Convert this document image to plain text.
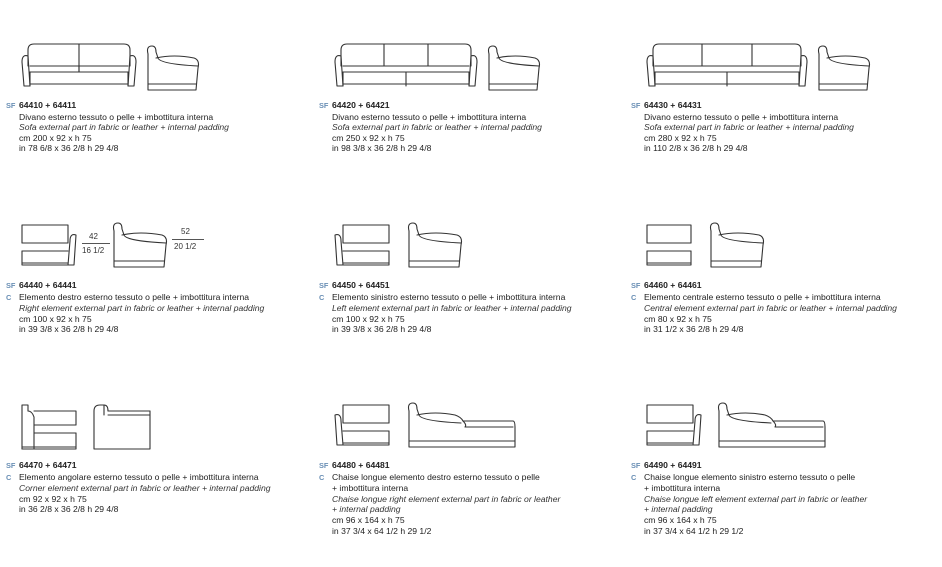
SF 64410 + 64411
Divano esterno tessuto o pelle + imbottitura interna
Sofa external part in fabric or leather + internal padding
cm 200 x 92 x h 75
in 78 6/8 x 36 2/8 h 29 4/8
SF 64420 + 64421
Divano esterno tessuto o pelle + imbottitura interna
Sofa external part in fabric or leather + internal padding
cm 250 x 92 x h 75
in 98 3/8 x 36 2/8 h 29 4/8
SF 64430 + 64431
Divano esterno tessuto o pelle + imbottitura interna
Sofa external part in fabric or leather + internal padding
cm 280 x 92 x h 75
in 110 2/8 x 36 2/8 h 29 4/8
42
16 1/2
52
20 1/2
SF 64440 + 64441
C Elemento destro esterno tessuto o pelle + imbottitura interna
Right element external part in fabric or leather + internal padding
cm 100 x 92 x h 75
in 39 3/8 x 36 2/8 h 29 4/8
SF 64450 + 64451
C Elemento sinistro esterno tessuto o pelle + imbottitura interna
Left element external part in fabric or leather + internal padding
cm 100 x 92 x h 75
in 39 3/8 x 36 2/8 h 29 4/8
SF 64460 + 64461
C Elemento centrale esterno tessuto o pelle + imbottitura interna
Central element external part in fabric or leather + internal padding
cm 80 x 92 x h 75
in 31 1/2 x 36 2/8 h 29 4/8
SF 64470 + 64471
C Elemento angolare esterno tessuto o pelle + imbottitura interna
Corner element external part in fabric or leather + internal padding
cm 92 x 92 x h 75
in 36 2/8 x 36 2/8 h 29 4/8
SF 64480 + 64481
C Chaise longue elemento destro esterno tessuto o pelle
+ imbottitura interna
Chaise longue right element external part in fabric or leather
+ internal padding
cm 96 x 164 x h 75
in 37 3/4 x 64 1/2 h 29 1/2
SF 64490 + 64491
C Chaise longue elemento sinistro esterno tessuto o pelle
+ imbottitura interna
Chaise longue left element external part in fabric or leather
+ internal padding
cm 96 x 164 x h 75
in 37 3/4 x 64 1/2 h 29 1/2
